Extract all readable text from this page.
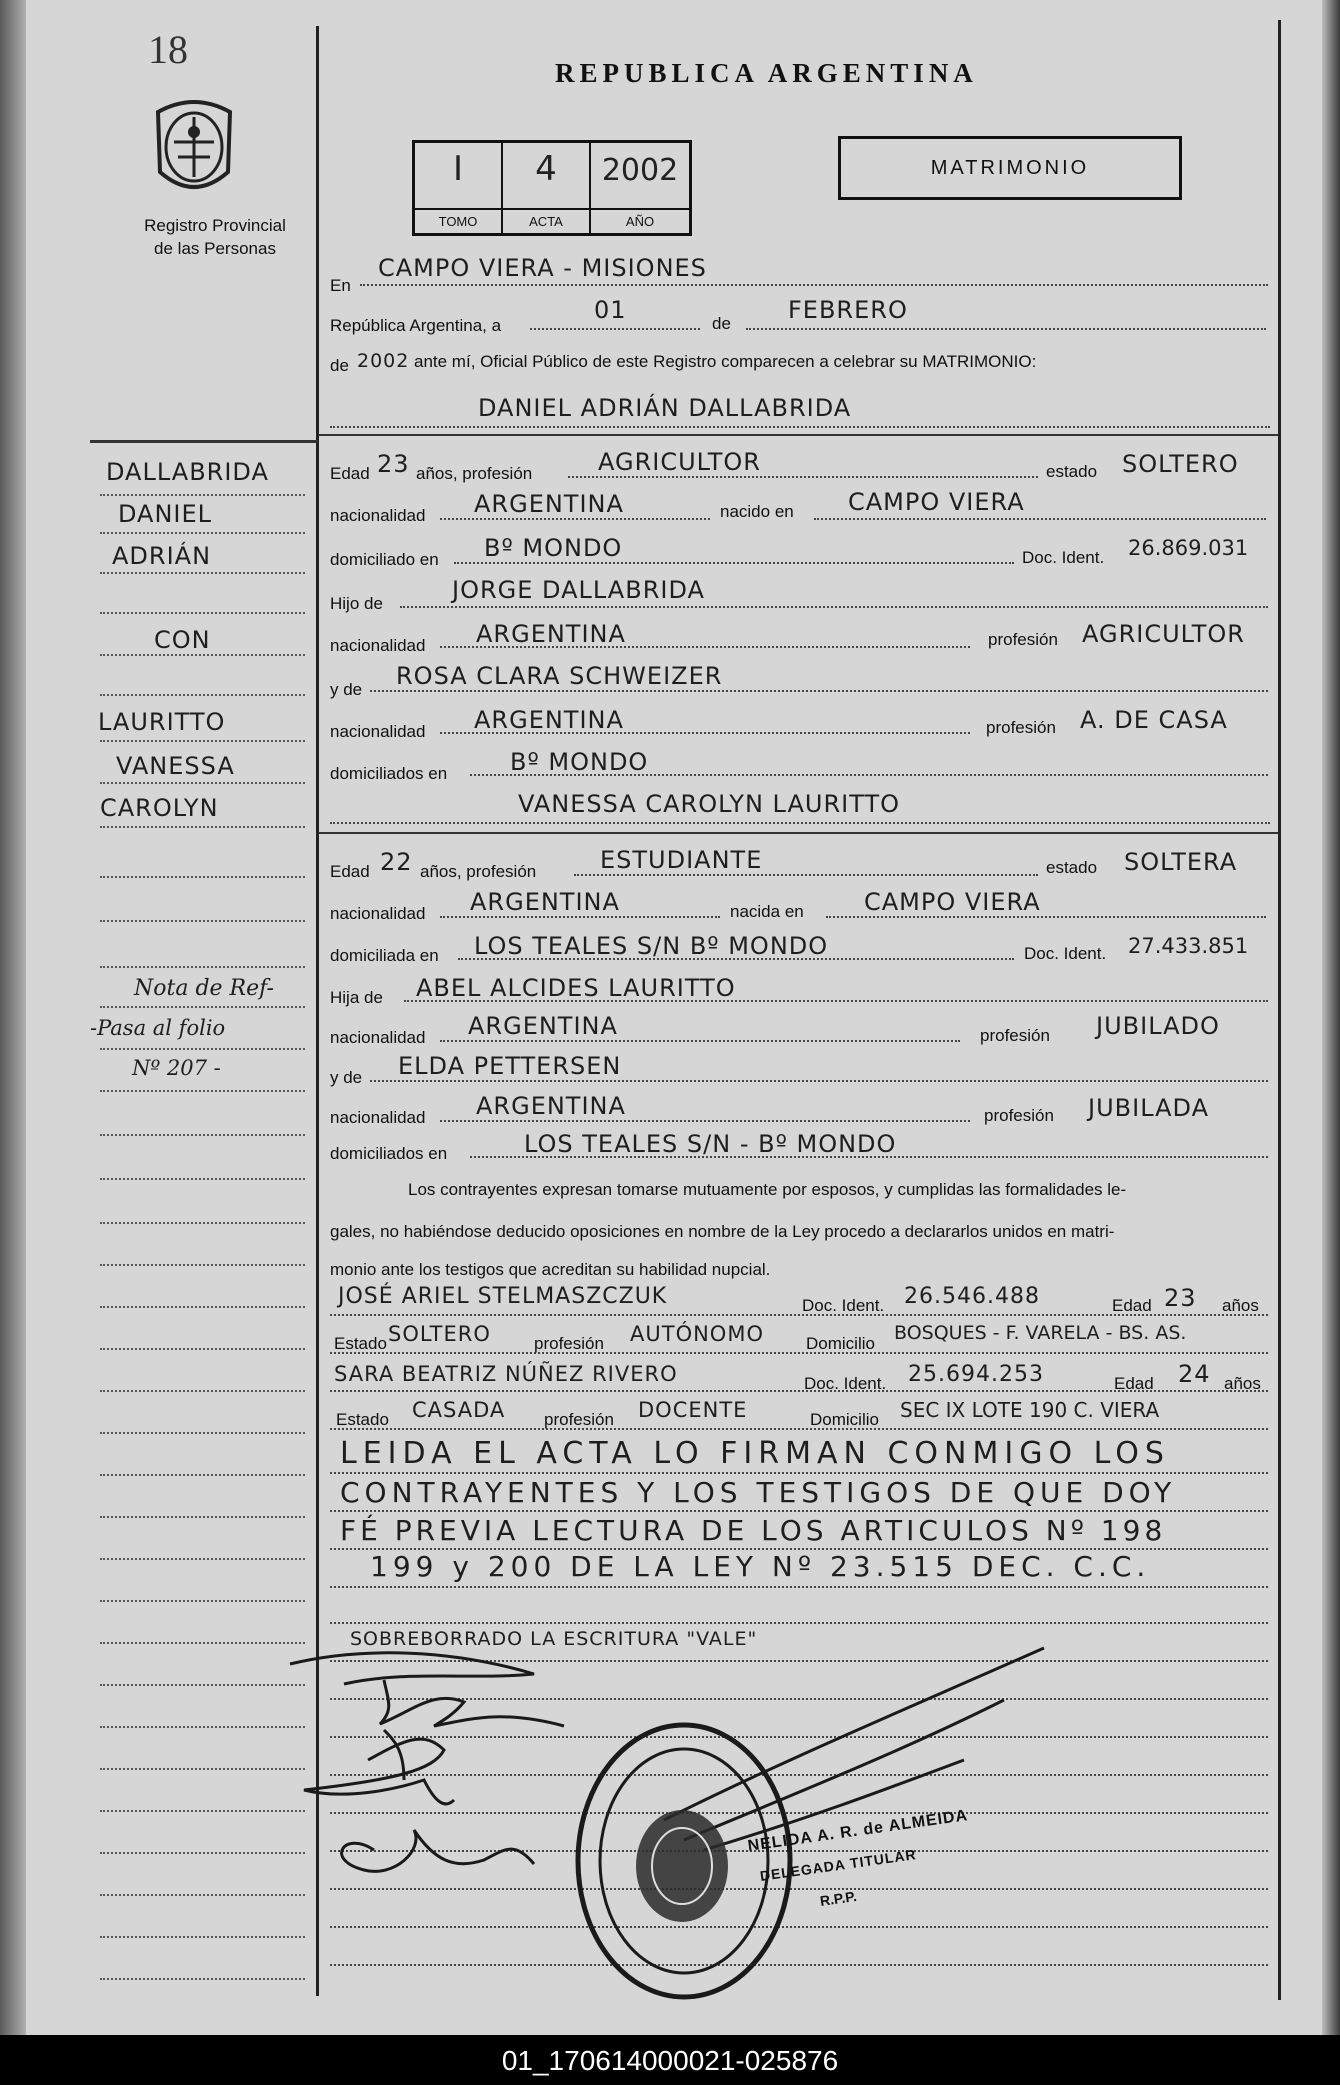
18
Registro Provincial
de las Personas
REPUBLICA ARGENTINA
MATRIMONIO
I
TOMO
4
ACTA
2002
AÑO
En
CAMPO VIERA - MISIONES
República Argentina, a
01	de FEBRERO
de 2002 ante mí, Oficial Público de este Registro comparecen a celebrar su MATRIMONIO:
DANIEL ADRIÁN DALLABRIDA
Edad 23 años, profesión	AGRICULTOR	estado SOLTERO
nacionalidad ARGENTINA	nacido en CAMPO VIERA
domiciliado en Bº MONDO	Doc. Ident. 26.869.031
Hijo de	JORGE DALLABRIDA
nacionalidad ARGENTINA	profesión AGRICULTOR
y de ROSA CLARA SCHWEIZER
nacionalidad ARGENTINA	profesión A. DE CASA
domiciliados en	Bº MONDO
VANESSA CAROLYN LAURITTO
Edad 22 años, profesión	ESTUDIANTE	estado SOLTERA
nacionalidad ARGENTINA	nacida en	CAMPO VIERA
domiciliada en LOS TEALES S/N Bº MONDO	Doc. Ident. 27.433.851
Hija de ABEL ALCIDES LAURITTO
nacionalidad ARGENTINA	profesión JUBILADO
y de ELDA PETTERSEN
nacionalidad ARGENTINA	profesión JUBILADA
domiciliados en	LOS TEALES S/N - Bº MONDO
Los contrayentes expresan tomarse mutuamente por esposos, y cumplidas las formalidades le-
gales, no habiéndose deducido oposiciones en nombre de la Ley procedo a declararlos unidos en matri-
monio ante los testigos que acreditan su habilidad nupcial.
JOSÉ ARIEL STELMASZCZUK	Doc. Ident. 26.546.488	Edad 23 años
Estado SOLTERO	profesión AUTÓNOMO Domicilio BOSQUES - F. VARELA - BS. AS.
SARA BEATRIZ NÚÑEZ RIVERO	Doc. Ident. 25.694.253	Edad 24 años
Estado CASADA profesión DOCENTE	Domicilio SEC IX LOTE 190 C. VIERA
LEIDA EL ACTA LO FIRMAN CONMIGO LOS
CONTRAYENTES Y LOS TESTIGOS DE QUE DOY
FÉ PREVIA LECTURA DE LOS ARTICULOS Nº 198
199 y 200 DE LA LEY Nº 23.515 DEC. C.C.
SOBREBORRADO LA ESCRITURA "VALE"
DALLABRIDA
DANIEL
ADRIÁN
CON
LAURITTO
VANESSA
CAROLYN
Nota de Ref-
-Pasa al folio
Nº 207 -
NELIDA A. R. de ALMEIDA
DELEGADA TITULAR
R.P.P.
01_170614000021-025876
